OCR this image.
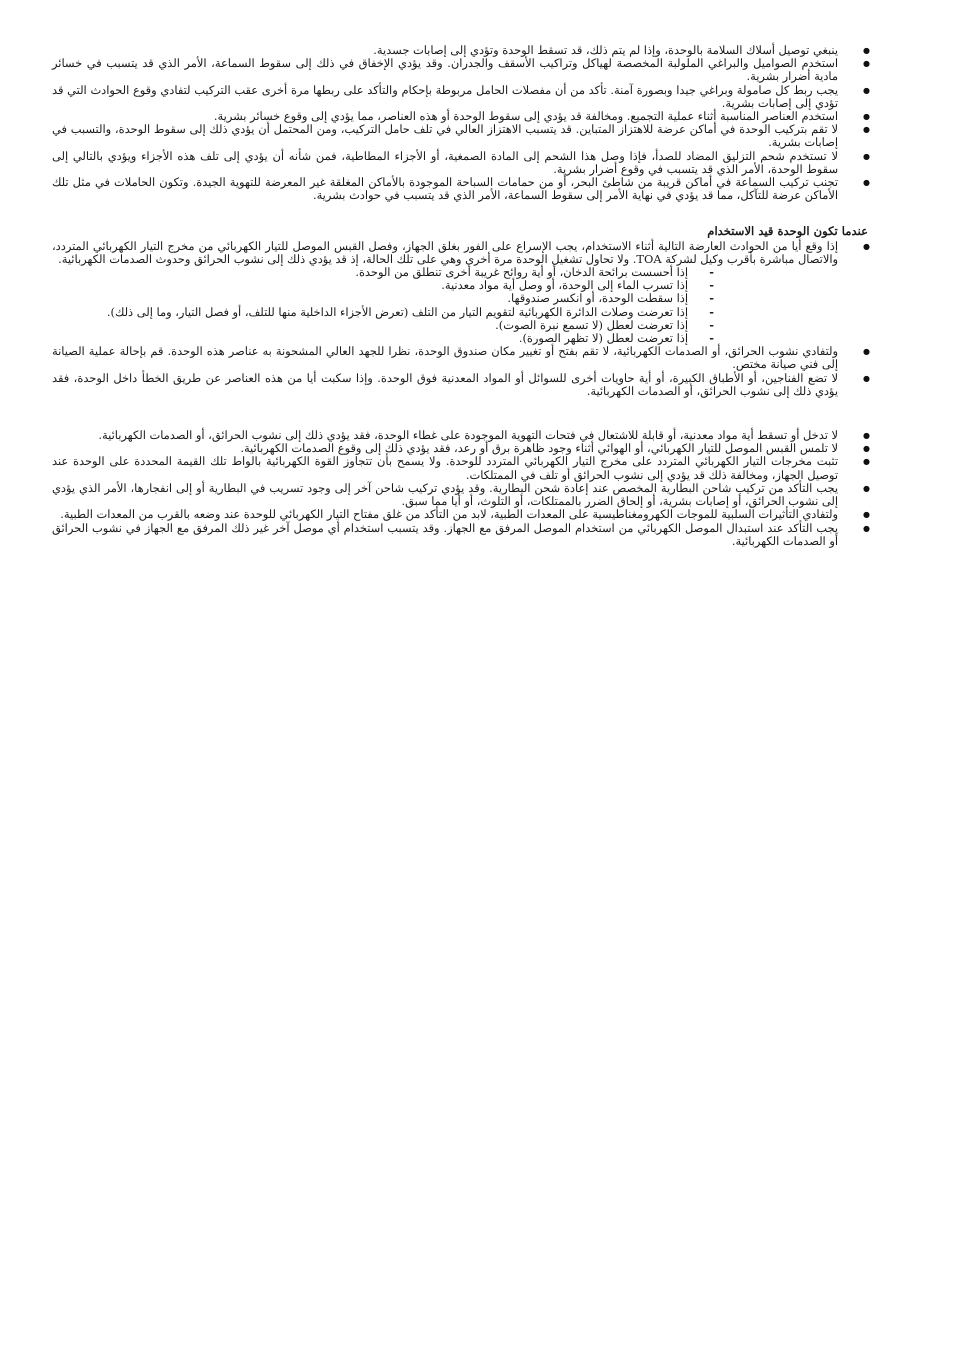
ينبغي توصيل أسلاك السلامة بالوحدة، وإذا لم يتم ذلك، قد تسقط الوحدة وتؤدي إلى إصابات جسدية. ●
استخدم الصواميل والبراغي الملولبة المخصصة لهياكل وتراكيب الأسقف والجدران. وقد يؤدي الإخفاق في ذلك إلى سقوط السماعة، الأمر الذي قد يتسبب في خسائر مادية أضرار بشرية. ●
يجب ربط كل صامولة وبراغي جيدا وبصورة آمنة. تأكد من أن مفصلات الحامل مربوطة بإحكام والتأكد على ربطها مرة أخرى عقب التركيب لتفادي وقوع الحوادث التي قد تؤدي إلى إصابات بشرية. ●
استخدم العناصر المناسبة أثناء عملية التجميع. ومخالفة قد يؤدي إلى سقوط الوحدة أو هذه العناصر، مما يؤدي إلى وقوع خسائر بشرية. ●
لا تقم بتركيب الوحدة في أماكن عرضة للاهتزاز المتباين. قد يتسبب الاهتزاز العالي في تلف حامل التركيب، ومن المحتمل أن يؤدي ذلك إلى سقوط الوحدة، والتسبب في إصابات بشرية. ●
لا تستخدم شحم التزليق المضاد للصدأ، فإذا وصل هذا الشحم إلى المادة الصمغية، أو الأجزاء المطاطية، فمن شأنه أن يؤدي إلى تلف هذه الأجزاء ويؤدي بالتالي إلى سقوط الوحدة، الأمر الذي قد يتسبب في وقوع أضرار بشرية. ●
تجنب تركيب السماعة في أماكن قريبة من شاطئ البحر، أو من حمامات السباحة الموجودة بالأماكن المغلقة غير المعرضة للتهوية الجيدة. وتكون الحاملات في مثل تلك الأماكن عرضة للتآكل، مما قد يؤدي في نهاية الأمر إلى سقوط السماعة، الأمر الذي قد يتسبب في حوادث بشرية. ●
عندما تكون الوحدة قيد الاستخدام
إذا وقع أيا من الحوادث العارضة التالية أثناء الاستخدام، يجب الإسراع على الفور بغلق الجهاز، وفصل القبس الموصل للتيار الكهربائي من مخرج التيار الكهربائي المتردد، والاتصال مباشرة بأقرب وكيل لشركة TOA. ولا تحاول تشغيل الوحدة مرة أخرى وهي على تلك الحالة، إذ قد يؤدي ذلك إلى نشوب الحرائق وحدوث الصدمات الكهربائية.
- إذا أحسست برائحة الدخان، أو أية روائح غريبة أخرى تنطلق من الوحدة.
- إذا تسرب الماء إلى الوحدة، أو وصل أية مواد معدنية.
- إذا سقطت الوحدة، أو انكسر صندوقها.
- إذا تعرضت وصلات الدائرة الكهربائية لتقويم التيار من التلف (تعرض الأجزاء الداخلية منها للتلف، أو فصل التيار، وما إلى ذلك).
- إذا تعرضت لعطل (لا تسمع نبرة الصوت).
- إذا تعرضت لعطل (لا تظهر الصورة).
●
ولتفادي نشوب الحرائق، أو الصدمات الكهربائية، لا تقم بفتح أو تغيير مكان صندوق الوحدة، نظرا للجهد العالي المشحونة به عناصر هذه الوحدة. قم بإحالة عملية الصيانة إلى فني صيانة مختص. ●
لا تضع الفناجين، أو الأطباق الكبيرة، أو أية حاويات أخرى للسوائل أو المواد المعدنية فوق الوحدة. وإذا سكبت أيا من هذه العناصر عن طريق الخطأ داخل الوحدة، فقد يؤدي ذلك إلى نشوب الحرائق، أو الصدمات الكهربائية. ●
لا تدخل أو تسقط أية مواد معدنية، أو قابلة للاشتعال في فتحات التهوية الموجودة على غطاء الوحدة، فقد يؤدي ذلك إلى نشوب الحرائق، أو الصدمات الكهربائية. ●
لا تلمس القبس الموصل للتيار الكهربائي، أو الهوائي أثناء وجود ظاهرة برق أو رعد، فقد يؤدي ذلك إلى وقوع الصدمات الكهربائية. ●
تثبت مخرجات التيار الكهربائي المتردد على مخرج التيار الكهربائي المتردد للوحدة. ولا يسمح بأن تتجاوز القوة الكهربائية بالواط تلك القيمة المحددة على الوحدة عند توصيل الجهاز، ومخالفة ذلك قد يؤدي إلى نشوب الحرائق أو تلف في الممتلكات. ●
يجب التأكد من تركيب شاحن البطارية المخصص عند إعادة شحن البطارية. وقد يؤدي تركيب شاحن آخر إلى وجود تسريب في البطارية أو إلى انفجارها، الأمر الذي يؤدي إلى نشوب الحرائق، أو إصابات بشرية، أو إلحاق الضرر بالممتلكات، أو التلوث، أو أيا مما سبق. ●
ولتفادي التأثيرات السلبية للموجات الكهرومغناطيسية على المعدات الطبية، لابد من التأكد من غلق مفتاح التيار الكهربائي للوحدة عند وضعه بالقرب من المعدات الطبية. ●
يجب التأكد عند استبدال الموصل الكهربائي من استخدام الموصل المرفق مع الجهاز. وقد يتسبب استخدام أي موصل آخر غير ذلك المرفق مع الجهاز في نشوب الحرائق أو الصدمات الكهربائية. ●
